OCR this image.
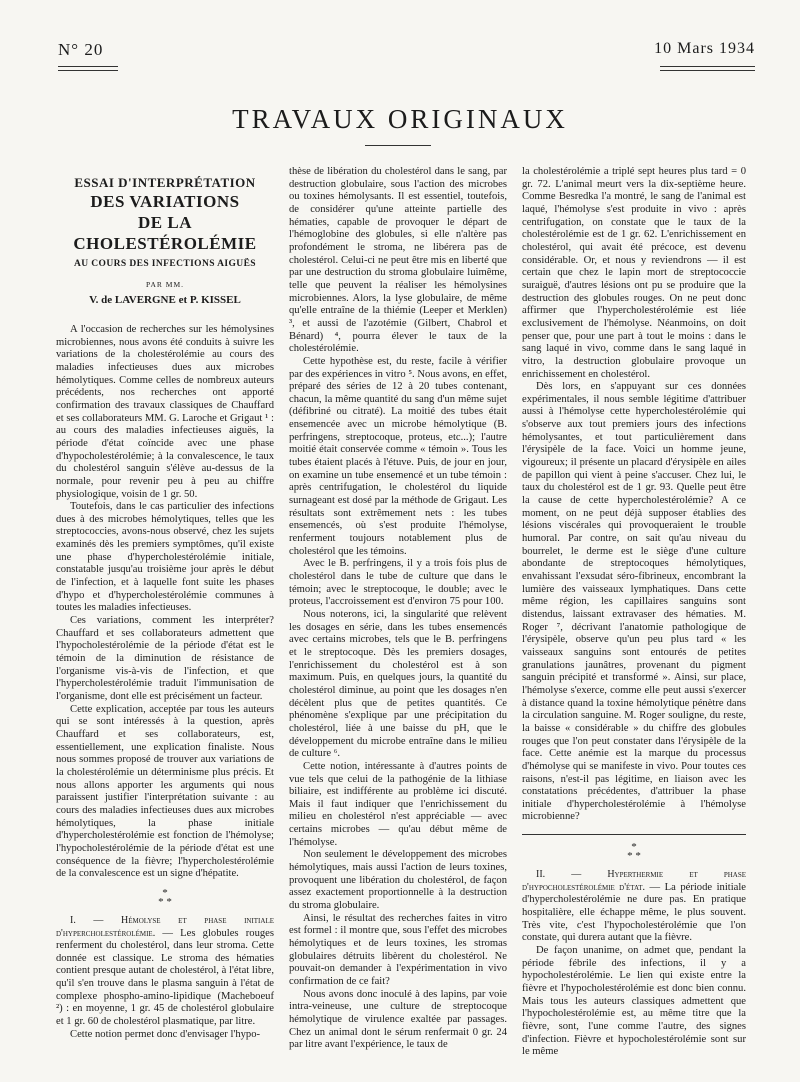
N° 20	10 Mars 1934
TRAVAUX ORIGINAUX
ESSAI D'INTERPRÉTATION
DES VARIATIONS
DE LA CHOLESTÉROLÉMIE
AU COURS DES INFECTIONS AIGUËS
PAR MM.
V. de LAVERGNE et P. KISSEL

A l'occasion de recherches sur les hémolysines microbiennes, nous avons été conduits à suivre les variations de la cholestérolémie au cours des maladies infectieuses dues aux microbes hémolytiques. Comme celles de nombreux auteurs précédents, nos recherches ont apporté confirmation des travaux classiques de Chauffard et ses collaborateurs MM. G. Laroche et Grigaut ¹ : au cours des maladies infectieuses aiguës, la période d'état coïncide avec une phase d'hypocholestérolémie; à la convalescence, le taux du cholestérol sanguin s'élève au-dessus de la normale, pour revenir peu à peu au chiffre physiologique, voisin de 1 gr. 50.

Toutefois, dans le cas particulier des infections dues à des microbes hémolytiques, telles que les streptococcies, avons-nous observé, chez les sujets examinés dès les premiers symptômes, qu'il existe une phase d'hypercholestérolémie initiale, constatable jusqu'au troisième jour après le début de l'infection, et à laquelle font suite les phases d'hypo et d'hypercholestérolémie communes à toutes les maladies infectieuses.

Ces variations, comment les interpréter? Chauffard et ses collaborateurs admettent que l'hypocholestérolémie de la période d'état est le témoin de la diminution de résistance de l'organisme vis-à-vis de l'infection, et que l'hypercholestérolémie traduit l'immunisation de l'organisme, dont elle est précisément un facteur.

Cette explication, acceptée par tous les auteurs qui se sont intéressés à la question, après Chauffard et ses collaborateurs, est, essentiellement, une explication finaliste. Nous nous sommes proposé de trouver aux variations de la cholestérolémie un déterminisme plus précis. Et nous allons apporter les arguments qui nous paraissent justifier l'interprétation suivante : au cours des maladies infectieuses dues aux microbes hémolytiques, la phase initiale d'hypercholestérolémie est fonction de l'hémolyse; l'hypocholestérolémie de la période d'état est une conséquence de la fièvre; l'hypercholestérolémie de la convalescence est un signe d'hépatite.

*
* *

I. — Hémolyse et phase initiale d'hypercholestérolémie. — Les globules rouges renferment du cholestérol, dans leur stroma. Cette donnée est classique. Le stroma des hématies contient presque autant de cholestérol, à l'état libre, qu'il s'en trouve dans le plasma sanguin à l'état de complexe phospho-amino-lipidique (Macheboeuf ²) : en moyenne, 1 gr. 45 de cholestérol globulaire et 1 gr. 60 de cholestérol plasmatique, par litre.

Cette notion permet donc d'envisager l'hypo-

thèse de libération du cholestérol dans le sang, par destruction globulaire, sous l'action des microbes ou toxines hémolysants. Il est essentiel, toutefois, de considérer qu'une atteinte partielle des hématies, capable de provoquer le départ de l'hémoglobine des globules, si elle n'altère pas profondément le stroma, ne libérera pas de cholestérol. Celui-ci ne peut être mis en liberté que par une destruction du stroma globulaire luimême, telle que peuvent la réaliser les hémolysines microbiennes. Alors, la lyse globulaire, de même qu'elle entraîne de la thiémie (Leeper et Merklen) ³, et aussi de l'azotémie (Gilbert, Chabrol et Bénard) ⁴, pourra élever le taux de la cholestérolémie.

Cette hypothèse est, du reste, facile à vérifier par des expériences in vitro ⁵. Nous avons, en effet, préparé des séries de 12 à 20 tubes contenant, chacun, la même quantité du sang d'un même sujet (défibriné ou citraté). La moitié des tubes était ensemencée avec un microbe hémolytique (B. perfringens, streptocoque, proteus, etc...); l'autre moitié était conservée comme « témoin ». Tous les tubes étaient placés à l'étuve. Puis, de jour en jour, on examine un tube ensemencé et un tube témoin : après centrifugation, le cholestérol du liquide surnageant est dosé par la méthode de Grigaut. Les résultats sont extrêmement nets : les tubes ensemencés, où s'est produite l'hémolyse, renferment toujours notablement plus de cholestérol que les témoins.

Avec le B. perfringens, il y a trois fois plus de cholestérol dans le tube de culture que dans le témoin; avec le streptocoque, le double; avec le proteus, l'accroissement est d'environ 75 pour 100.

Nous noterons, ici, la singularité que relèvent les dosages en série, dans les tubes ensemencés avec certains microbes, tels que le B. perfringens et le streptocoque. Dès les premiers dosages, l'enrichissement du cholestérol est à son maximum. Puis, en quelques jours, la quantité du cholestérol diminue, au point que les dosages n'en décèlent plus que de petites quantités. Ce phénomène s'explique par une précipitation du cholestérol, liée à une baisse du pH, que le développement du microbe entraîne dans le milieu de culture ⁶.

Cette notion, intéressante à d'autres points de vue tels que celui de la pathogénie de la lithiase biliaire, est indifférente au problème ici discuté. Mais il faut indiquer que l'enrichissement du milieu en cholestérol n'est appréciable — avec certains microbes — qu'au début même de l'hémolyse.

Non seulement le développement des microbes hémolytiques, mais aussi l'action de leurs toxines, provoquent une libération du cholestérol, de façon assez exactement proportionnelle à la destruction du stroma globulaire.

Ainsi, le résultat des recherches faites in vitro est formel : il montre que, sous l'effet des microbes hémolytiques et de leurs toxines, les stromas globulaires détruits libèrent du cholestérol. Ne pouvait-on demander à l'expérimentation in vivo confirmation de ce fait?

Nous avons donc inoculé à des lapins, par voie intra-veineuse, une culture de streptocoque hémolytique de virulence exaltée par passages. Chez un animal dont le sérum renfermait 0 gr. 24 par litre avant l'expérience, le taux de

la cholestérolémie a triplé sept heures plus tard = 0 gr. 72. L'animal meurt vers la dix-septième heure. Comme Besredka l'a montré, le sang de l'animal est laqué, l'hémolyse s'est produite in vivo : après centrifugation, on constate que le taux de la cholestérolémie est de 1 gr. 62. L'enrichissement en cholestérol, qui avait été précoce, est devenu considérable. Or, et nous y reviendrons — il est certain que chez le lapin mort de streptococcie suraiguë, d'autres lésions ont pu se produire que la destruction des globules rouges. On ne peut donc affirmer que l'hypercholestérolémie est liée exclusivement de l'hémolyse. Néanmoins, on doit penser que, pour une part à tout le moins : dans le sang laqué in vivo, comme dans le sang laqué in vitro, la destruction globulaire provoque un enrichissement en cholestérol.

Dès lors, en s'appuyant sur ces données expérimentales, il nous semble légitime d'attribuer aussi à l'hémolyse cette hypercholestérolémie qui s'observe aux tout premiers jours des infections hémolysantes, et tout particulièrement dans l'érysipèle de la face. Voici un homme jeune, vigoureux; il présente un placard d'érysipèle en ailes de papillon qui vient à peine s'accuser. Chez lui, le taux du cholestérol est de 1 gr. 93. Quelle peut être la cause de cette hypercholestérolémie? A ce moment, on ne peut déjà supposer établies des lésions viscérales qui provoqueraient le trouble humoral. Par contre, on sait qu'au niveau du bourrelet, le derme est le siège d'une culture abondante de streptocoques hémolytiques, envahissant l'exsudat séro-fibrineux, encombrant la lumière des vaisseaux lymphatiques. Dans cette même région, les capillaires sanguins sont distendus, laissant extravaser des hématies. M. Roger ⁷, décrivant l'anatomie pathologique de l'érysipèle, observe qu'un peu plus tard « les vaisseaux sanguins sont entourés de petites granulations jaunâtres, provenant du pigment sanguin précipité et transformé ». Ainsi, sur place, l'hémolyse s'exerce, comme elle peut aussi s'exercer à distance quand la toxine hémolytique pénètre dans la circulation sanguine. M. Roger souligne, du reste, la baisse « considérable » du chiffre des globules rouges que l'on peut constater dans l'érysipèle de la face. Cette anémie est la marque du processus d'hémolyse qui se manifeste in vivo. Pour toutes ces raisons, n'est-il pas légitime, en liaison avec les constatations précédentes, d'attribuer la phase initiale d'hypercholestérolémie à l'hémolyse microbienne?

*
* *

II. — Hyperthermie et phase d'hypocholestérolémie d'état. — La période initiale d'hypercholestérolémie ne dure pas. En pratique hospitalière, elle échappe même, le plus souvent. Très vite, c'est l'hypocholestérolémie que l'on constate, qui durera autant que la fièvre.

De façon unanime, on admet que, pendant la période fébrile des infections, il y a hypocholestérolémie. Le lien qui existe entre la fièvre et l'hypocholestérolémie est donc bien connu. Mais tous les auteurs classiques admettent que l'hypocholestérolémie est, au même titre que la fièvre, sont, l'une comme l'autre, des signes d'infection. Fièvre et hypocholestérolémie sont sur le même
